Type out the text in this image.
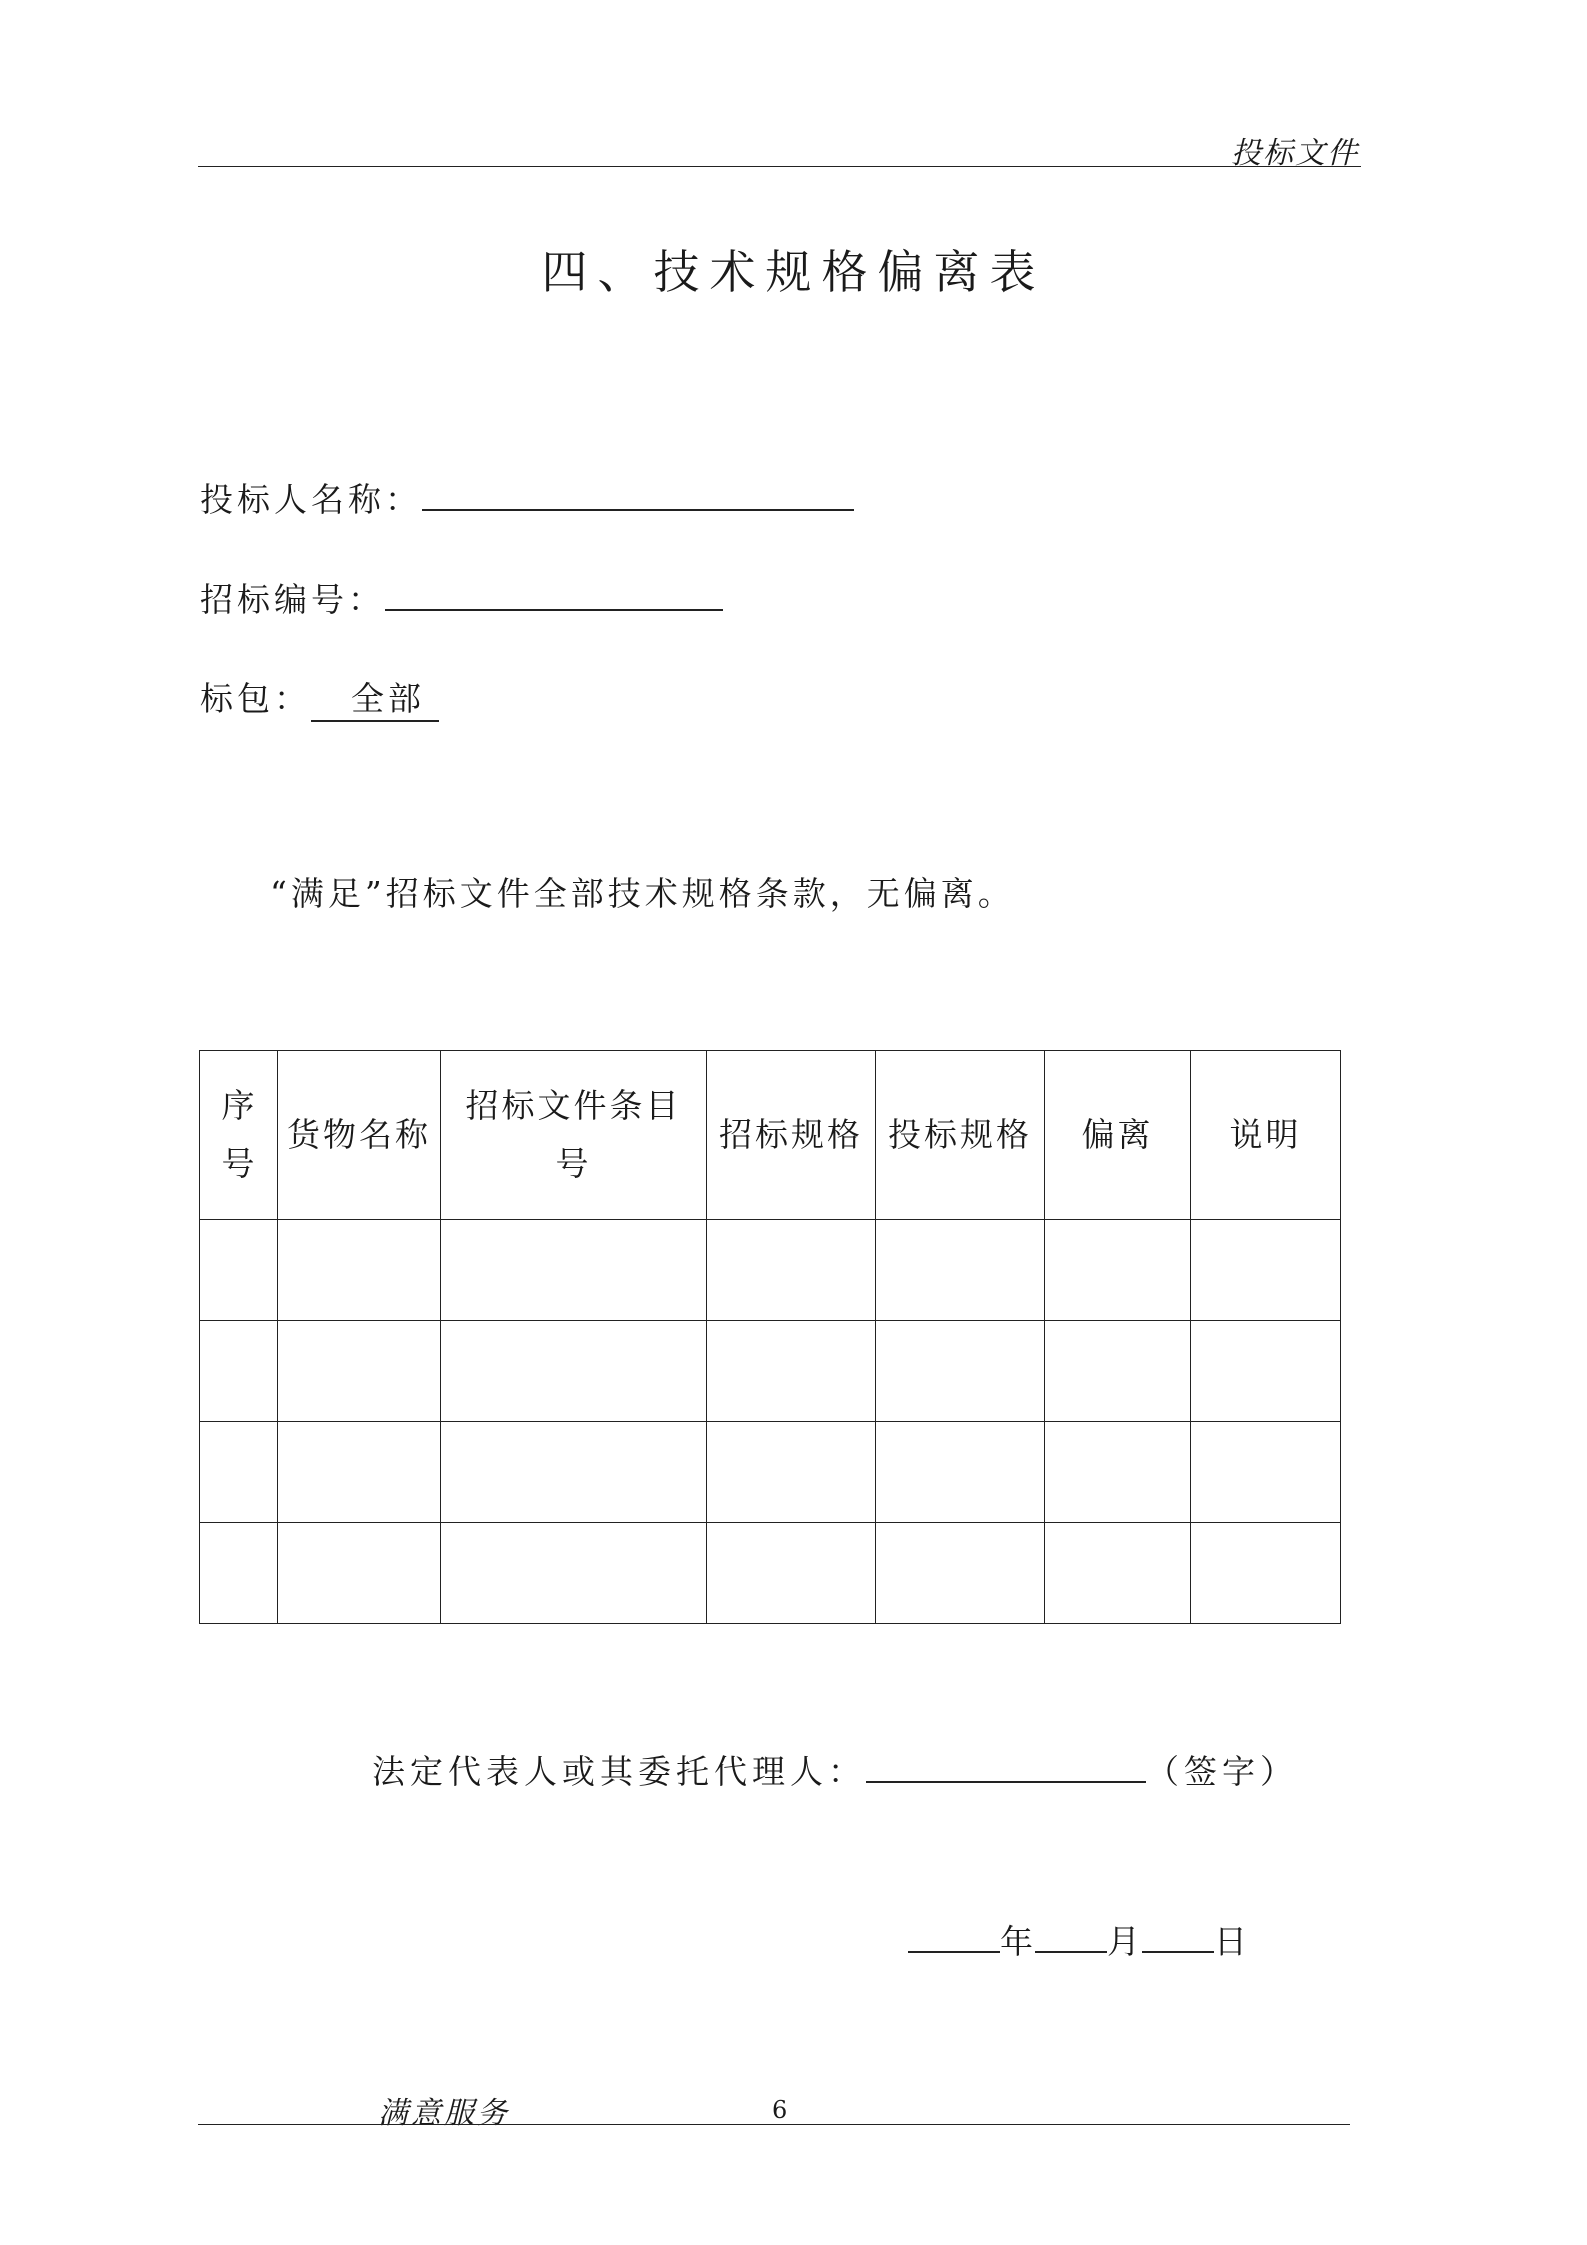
投标文件
四、技术规格偏离表
投标人名称：
招标编号：
标包： 全部
“满足”招标文件全部技术规格条款，无偏离。
序号	货物名称	招标文件条目号	招标规格	投标规格	偏离	说明

法定代表人或其委托代理人：	（签字）
年 月 日
满意服务	6
